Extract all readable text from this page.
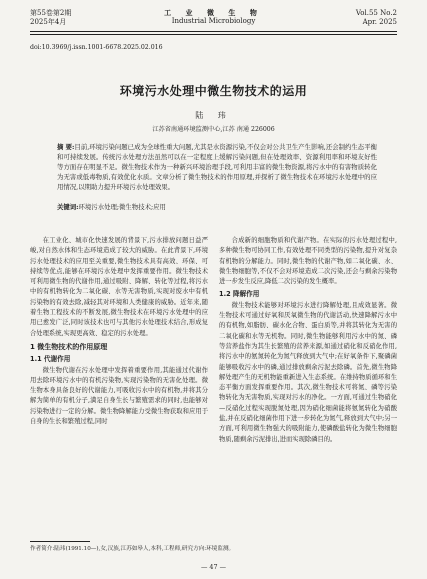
第55卷第2期
2025年4月
工 业 微 生 物
Industrial Microbiology
Vol.55 No.2
Apr. 2025
doi:10.3969/j.issn.1001-6678.2025.02.016
环境污水处理中微生物技术的运用
陆 玮
江苏省南通环境监测中心,江苏 南通 226006
摘 要:目前,环境污染问题已成为全球性重大问题,尤其是水资源污染,不仅会对公共卫生产生影响,还会制约生态平衡和可持续发展。传统污水处理方法虽然可以在一定程度上缓解污染问题,但在处理效率、资源利用率和环境友好性等方面存在明显不足。微生物技术作为一种新兴环境治理手段,可利用丰富的微生物资源,将污水中的有害物质转化为无害或低毒物质,有效优化水质。文章分析了微生物技术的作用原理,并探析了微生物技术在环境污水处理中的应用情况,以期助力提升环境污水处理效果。
关键词:环境污水处理;微生物技术;应用

在工业化、城市化快速发展的背景下,污水排放问题日益严峻,对自然水体和生态环境造成了较大的威胁。在此背景下,环境污水处理技术的应用至关重要,微生物技术具有高效、环保、可持续等优点,能够在环境污水处理中发挥重要作用。微生物技术可利用微生物的代谢作用,通过吸附、降解、转化等过程,将污水中的有机物转化为二氧化碳、水等无害物质,实现对废水中有机污染物的有效去除,减轻其对环境和人类健康的威胁。近年来,随着生物工程技术的不断发展,微生物技术在环境污水处理中的应用已愈发广泛,同时该技术也可与其他污水处理技术结合,形成复合处理系统,实现更高效、稳定的污水处理。

1 微生物技术的作用原理
1.1 代谢作用

微生物代谢在污水处理中发挥着重要作用,其能通过代谢作用去除环境污水中的有机污染物,实现污染物的无害化处理。微生物本身具备良好的代谢能力,可吸收污水中的有机物,并将其分解为简单的有机分子,満足自身生长与繁殖需求的同时,也能够对污染物进行一定的分解。微生物降解能力受微生物获取和应用于自身的生长和繁殖过程,同时

合成新的细胞物质和代谢产物。在实际的污水处理过程中,多种微生物可协同工作,有效处理不同类型的污染物,提升对复杂有机物的分解能力。同时,微生物的代谢产物,如二氧化碳、水、微生物细胞等,不仅不会对环境造成二次污染,还会与剩余污染物进一步发生反应,降低二次污染的发生概率。

1.2 降解作用

微生物技术能够对环境污水进行降解处理,且成效显著。微生物技术可通过好氧和厌氧微生物的代谢活动,快速降解污水中的有机物,如脂肪、碳水化合物、蛋白质等,并将其转化为无害的二氧化碳和水等无机物。同时,微生物能够利用污水中的氮、磷等营养盐作为其生长繁殖的营养来源,如通过硝化和反硝化作用,将污水中的氨氮转化为氮气释放到大气中;在好氧条件下,聚磷菌能够吸收污水中的磷,通过排放剩余污泥去除磷。首先,微生物降解处理产生的无机物能重新进入生态系统。在维持物质循环和生态平衡方面发挥重要作用。其次,微生物技术可将氮、磷等污染物转化为无害物质,实现对污水的净化。一方面,可通过生物硝化—反硝化过程实现脱氮处理,因为硝化细菌能将氨氮转化为硝酸盐,并在反硝化细菌作用下进一步转化为氮气,释放到大气中;另一方面,可利用微生物强大的吸附能力,使磷酸盐转化为微生物细胞物质,随剩余污泥排出,进而实现除磷目的。

作者简介:陆玮(1991.10—),女,汉族,江苏如皋人,本科,工程师,研究方向:环境监测。
— 47 —
